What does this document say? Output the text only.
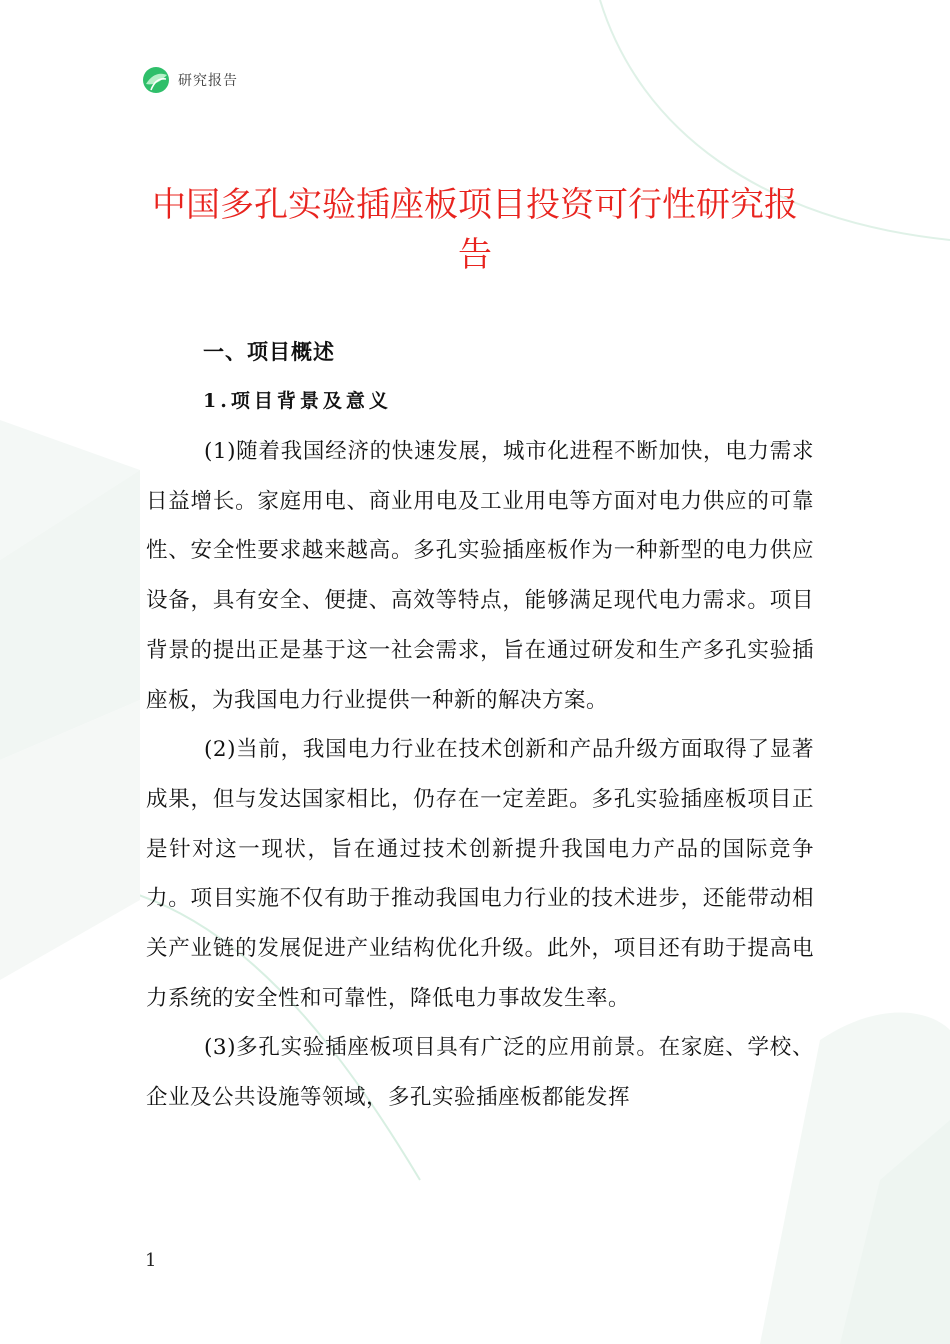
研究报告
中国多孔实验插座板项目投资可行性研究报告
一、项目概述
1.项目背景及意义

(1)随着我国经济的快速发展，城市化进程不断加快，电力需求日益增长。家庭用电、商业用电及工业用电等方面对电力供应的可靠性、安全性要求越来越高。多孔实验插座板作为一种新型的电力供应设备，具有安全、便捷、高效等特点，能够满足现代电力需求。项目背景的提出正是基于这一社会需求，旨在通过研发和生产多孔实验插座板，为我国电力行业提供一种新的解决方案。

(2)当前，我国电力行业在技术创新和产品升级方面取得了显著成果，但与发达国家相比，仍存在一定差距。多孔实验插座板项目正是针对这一现状，旨在通过技术创新提升我国电力产品的国际竞争力。项目实施不仅有助于推动我国电力行业的技术进步，还能带动相关产业链的发展促进产业结构优化升级。此外，项目还有助于提高电力系统的安全性和可靠性，降低电力事故发生率。

(3)多孔实验插座板项目具有广泛的应用前景。在家庭、学校、企业及公共设施等领域，多孔实验插座板都能发挥

1
